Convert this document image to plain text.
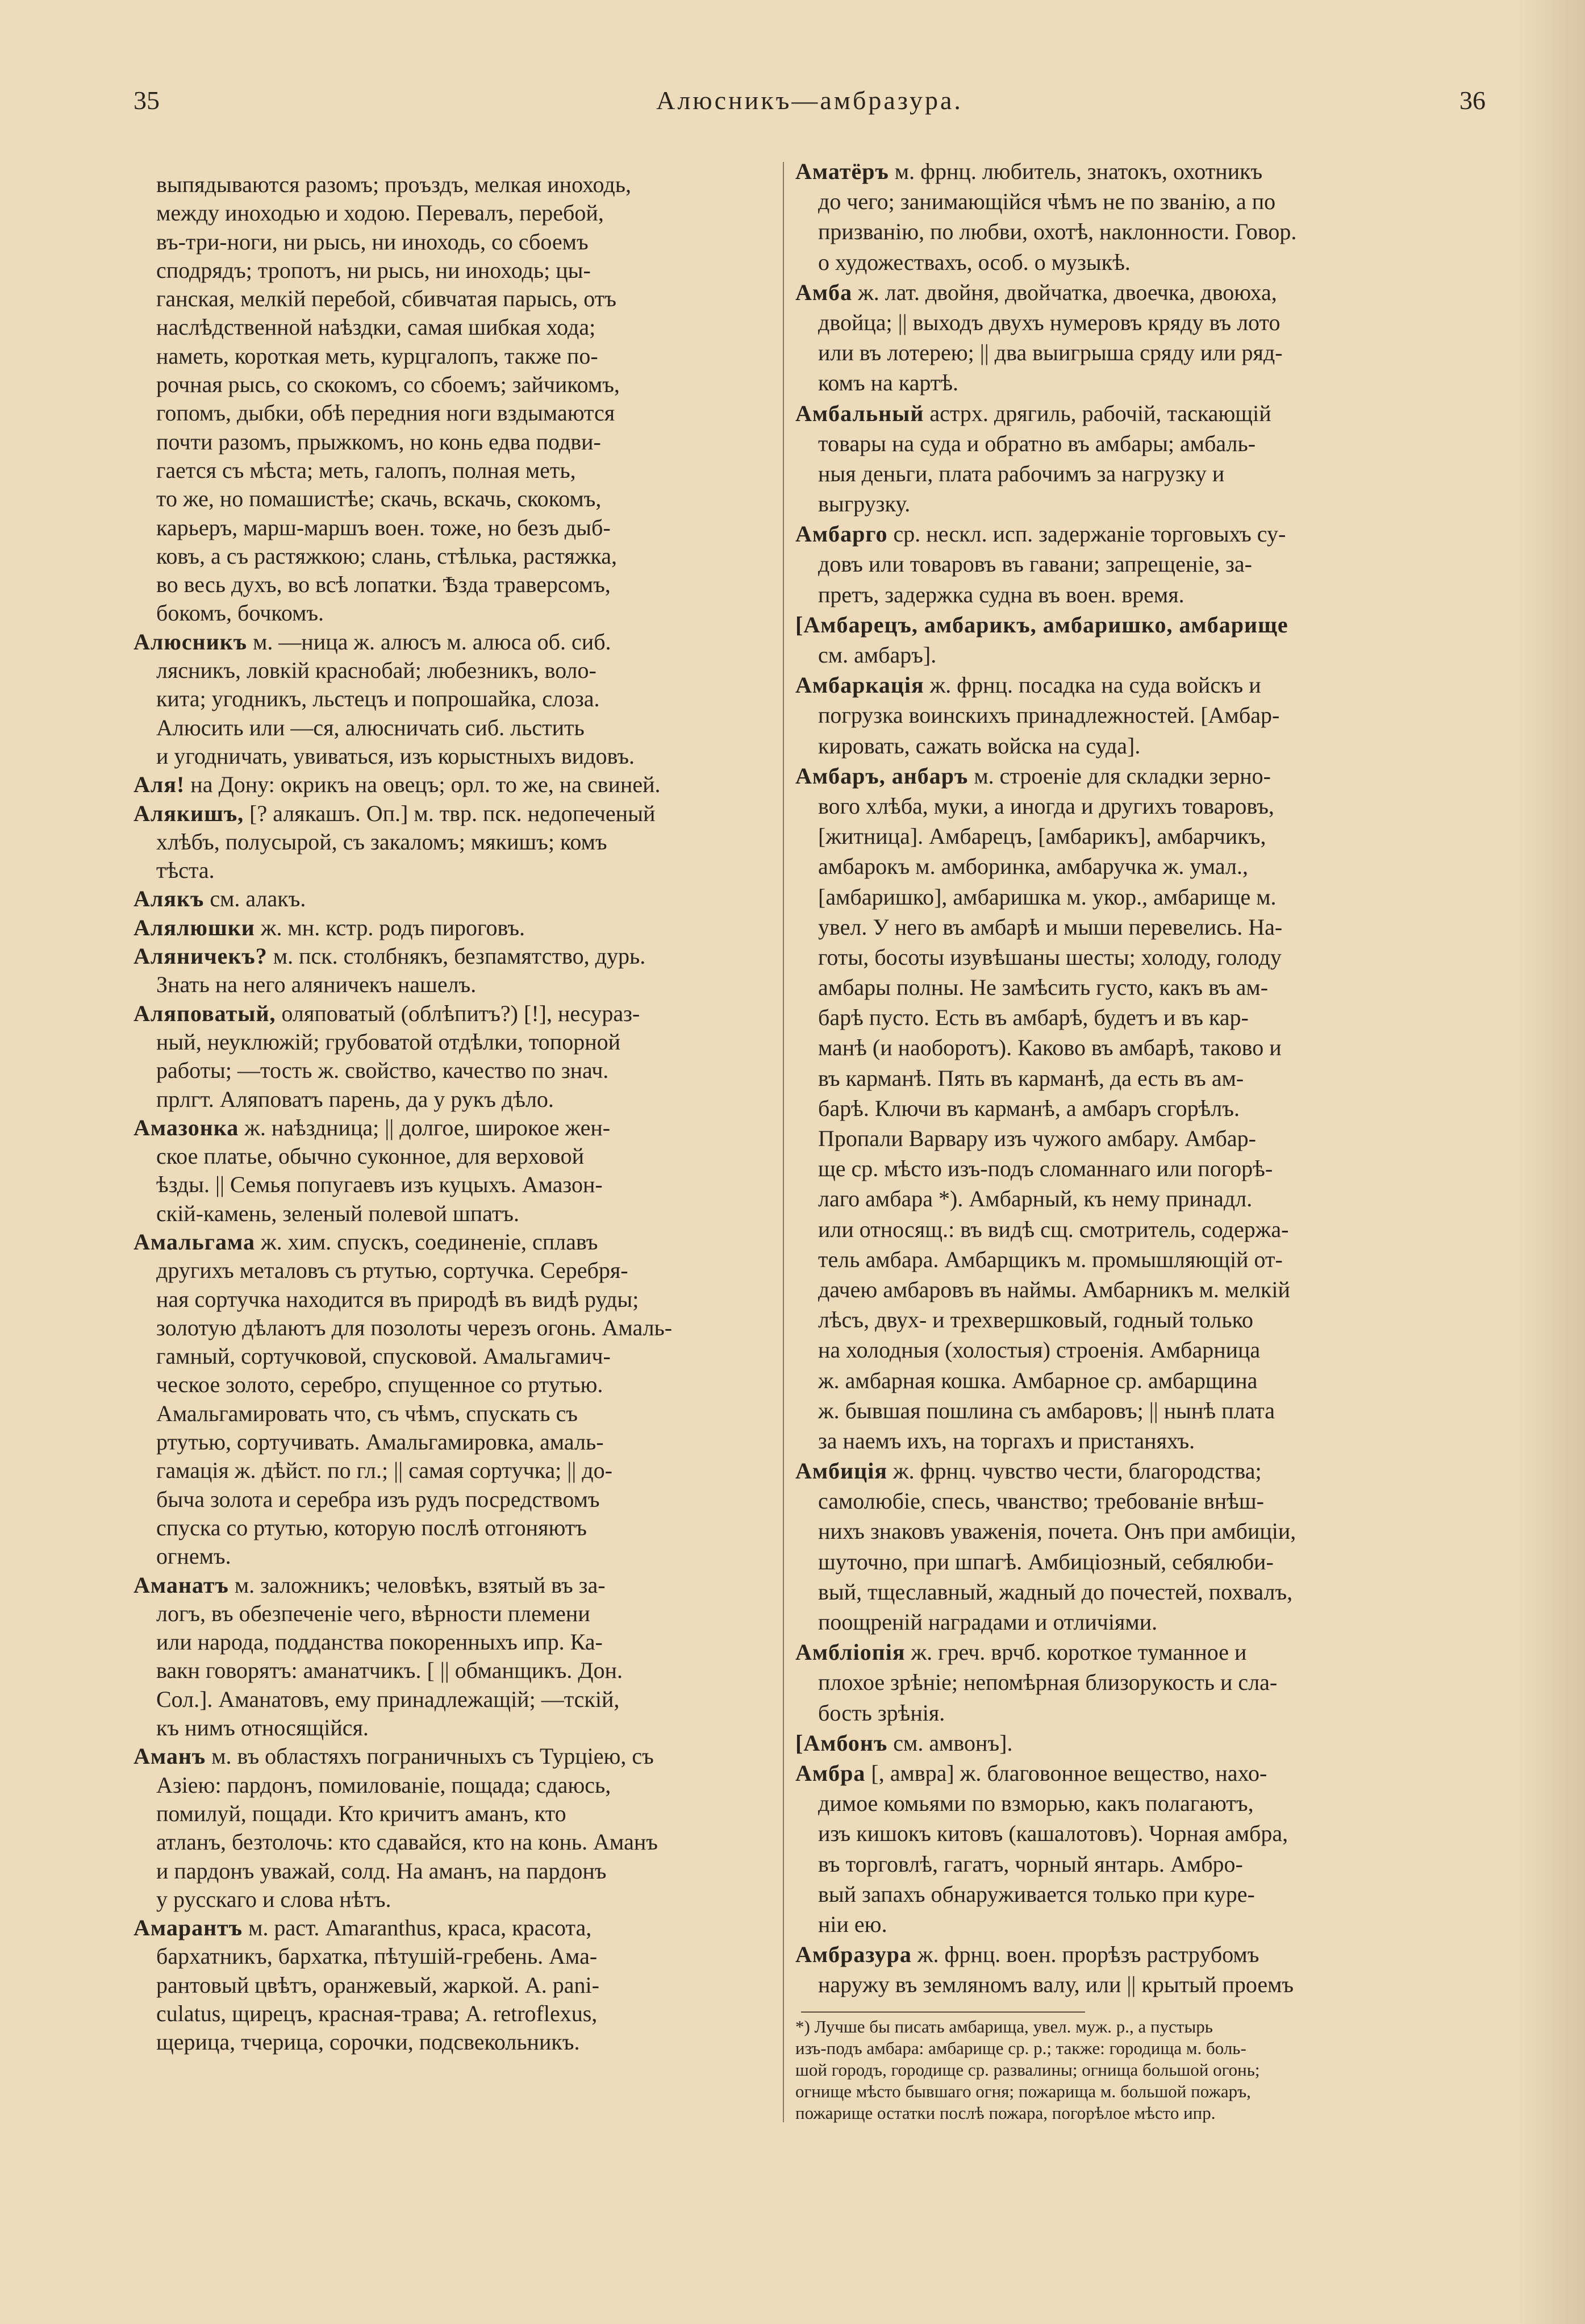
35	Алюсникъ—амбразура.	36
выпядываются разомъ; проъздъ, мелкая иноходь,
между иноходью и ходою. Перевалъ, перебой,
въ-три-ноги, ни рысь, ни иноходь, со сбоемъ
сподрядъ; тропотъ, ни рысь, ни иноходь; цы-
ганская, мелкій перебой, сбивчатая парысь, отъ
наслѣдственной наѣздки, самая шибкая хода;
наметь, короткая меть, курцгалопъ, также по-
рочная рысь, со скокомъ, со сбоемъ; зайчикомъ,
гопомъ, дыбки, обѣ передния ноги вздымаются
почти разомъ, прыжкомъ, но конь едва подви-
гается съ мѣста; меть, галопъ, полная меть,
то же, но помашистѣе; скачь, вскачь, скокомъ,
карьеръ, марш-маршъ воен. тоже, но безъ дыб-
ковъ, а съ растяжкою; слань, стѣлька, растяжка,
во весь духъ, во всѣ лопатки. Ѣзда траверсомъ,
бокомъ, бочкомъ.
Алюсникъ м. —ница ж. алюсъ м. алюса об. сиб.
лясникъ, ловкій краснобай; любезникъ, воло-
кита; угодникъ, льстецъ и попрошайка, слоза.
Алюсить или —ся, алюсничать сиб. льстить
и угодничать, увиваться, изъ корыстныхъ видовъ.
Аля! на Дону: окрикъ на овецъ; орл. то же, на свиней.
Алякишъ, [? алякашъ. Оп.] м. твр. пск. недопеченый
хлѣбъ, полусырой, съ закаломъ; мякишъ; комъ
тѣста.
Алякъ см. алакъ.
Алялюшки ж. мн. кстр. родъ пироговъ.
Аляничекъ? м. пск. столбнякъ, безпамятство, дурь.
Знать на него аляничекъ нашелъ.
Аляповатый, оляповатый (облѣпитъ?) [!], несураз-
ный, неуклюжій; грубоватой отдѣлки, топорной
работы; —тость ж. свойство, качество по знач.
прлгт. Аляповатъ парень, да у рукъ дѣло.
Амазонка ж. наѣздница; || долгое, широкое жен-
ское платье, обычно суконное, для верховой
ѣзды. || Семья попугаевъ изъ куцыхъ. Амазон-
скій-камень, зеленый полевой шпатъ.
Амальгама ж. хим. спускъ, соединеніе, сплавъ
другихъ металовъ съ ртутью, сортучка. Серебря-
ная сортучка находится въ природѣ въ видѣ руды;
золотую дѣлаютъ для позолоты черезъ огонь. Амаль-
гамный, сортучковой, спусковой. Амальгамич-
ческое золото, серебро, спущенное со ртутью.
Амальгамировать что, съ чѣмъ, спускать съ
ртутью, сортучивать. Амальгамировка, амаль-
гамація ж. дѣйст. по гл.; || самая сортучка; || до-
быча золота и серебра изъ рудъ посредствомъ
спуска со ртутью, которую послѣ отгоняютъ
огнемъ.
Аманатъ м. заложникъ; человѣкъ, взятый въ за-
логъ, въ обезпеченіе чего, вѣрности племени
или народа, подданства покоренныхъ ипр. Ка-
вакн говорятъ: аманатчикъ. [ || обманщикъ. Дон.
Сол.]. Аманатовъ, ему принадлежащій; —тскій,
къ нимъ относящійся.
Аманъ м. въ областяхъ пограничныхъ съ Турціею, съ
Азіею: пардонъ, помилованіе, пощада; сдаюсь,
помилуй, пощади. Кто кричитъ аманъ, кто
атланъ, безтолочь: кто сдавайся, кто на конь. Аманъ
и пардонъ уважай, солд. На аманъ, на пардонъ
у русскаго и слова нѣтъ.
Амарантъ м. раст. Amaranthus, краса, красота,
бархатникъ, бархатка, пѣтушій-гребень. Ама-
рантовый цвѣтъ, оранжевый, жаркой. A. pani-
culatus, щирецъ, красная-трава; A. retroflexus,
щерица, тчерица, сорочки, подсвекольникъ.
Аматёръ м. фрнц. любитель, знатокъ, охотникъ
до чего; занимающійся чѣмъ не по званію, а по
призванію, по любви, охотѣ, наклонности. Говор.
о художествахъ, особ. о музыкѣ.
Амба ж. лат. двойня, двойчатка, двоечка, двоюха,
двойца; || выходъ двухъ нумеровъ кряду въ лото
или въ лотерею; || два выигрыша сряду или ряд-
комъ на картѣ.
Амбальный астрх. дрягиль, рабочій, таскающій
товары на суда и обратно въ амбары; амбаль-
ныя деньги, плата рабочимъ за нагрузку и
выгрузку.
Амбарго ср. нескл. исп. задержаніе торговыхъ су-
довъ или товаровъ въ гавани; запрещеніе, за-
претъ, задержка судна въ воен. время.
[Амбарецъ, амбарикъ, амбаришко, амбарище
см. амбаръ].
Амбаркація ж. фрнц. посадка на суда войскъ и
погрузка воинскихъ принадлежностей. [Амбар-
кировать, сажать войска на суда].
Амбаръ, анбаръ м. строеніе для складки зерно-
вого хлѣба, муки, а иногда и другихъ товаровъ,
[житница]. Амбарецъ, [амбарикъ], амбарчикъ,
амбарокъ м. амборинка, амбаручка ж. умал.,
[амбаришко], амбаришка м. укор., амбарище м.
увел. У него въ амбарѣ и мыши перевелись. На-
готы, босоты изувѣшаны шесты; холоду, голоду
амбары полны. Не замѣсить густо, какъ въ ам-
барѣ пусто. Есть въ амбарѣ, будетъ и въ кар-
манѣ (и наоборотъ). Каково въ амбарѣ, таково и
въ карманѣ. Пять въ карманѣ, да есть въ ам-
барѣ. Ключи въ карманѣ, а амбаръ сгорѣлъ.
Пропали Варвару изъ чужого амбару. Амбар-
ще ср. мѣсто изъ-подъ сломаннаго или погорѣ-
лаго амбара *). Амбарный, къ нему принадл.
или относящ.: въ видѣ сщ. смотритель, содержа-
тель амбара. Амбарщикъ м. промышляющій от-
дачею амбаровъ въ наймы. Амбарникъ м. мелкій
лѣсъ, двух- и трехвершковый, годный только
на холодныя (холостыя) строенія. Амбарница
ж. амбарная кошка. Амбарное ср. амбарщина
ж. бывшая пошлина съ амбаровъ; || нынѣ плата
за наемъ ихъ, на торгахъ и пристаняхъ.
Амбиція ж. фрнц. чувство чести, благородства;
самолюбіе, спесь, чванство; требованіе внѣш-
нихъ знаковъ уваженія, почета. Онъ при амбиціи,
шуточно, при шпагѣ. Амбиціозный, себялюби-
вый, тщеславный, жадный до почестей, похвалъ,
поощреній наградами и отличіями.
Амбліопія ж. греч. врчб. короткое туманное и
плохое зрѣніе; непомѣрная близорукость и сла-
бость зрѣнія.
[Амбонъ см. амвонъ].
Амбра [, амвра] ж. благовонное вещество, нахо-
димое комьями по взморью, какъ полагаютъ,
изъ кишокъ китовъ (кашалотовъ). Чорная амбра,
въ торговлѣ, гагатъ, чорный янтарь. Амбро-
вый запахъ обнаруживается только при куре-
ніи ею.
Амбразура ж. фрнц. воен. прорѣзъ раструбомъ
наружу въ земляномъ валу, или || крытый проемъ
*) Лучше бы писать амбарища, увел. муж. р., а пустырь
изъ-подъ амбара: амбарище ср. р.; также: городища м. боль-
шой городъ, городище ср. развалины; огнища большой огонь;
огнище мѣсто бывшаго огня; пожарища м. большой пожаръ,
пожарище остатки послѣ пожара, погорѣлое мѣсто ипр.
